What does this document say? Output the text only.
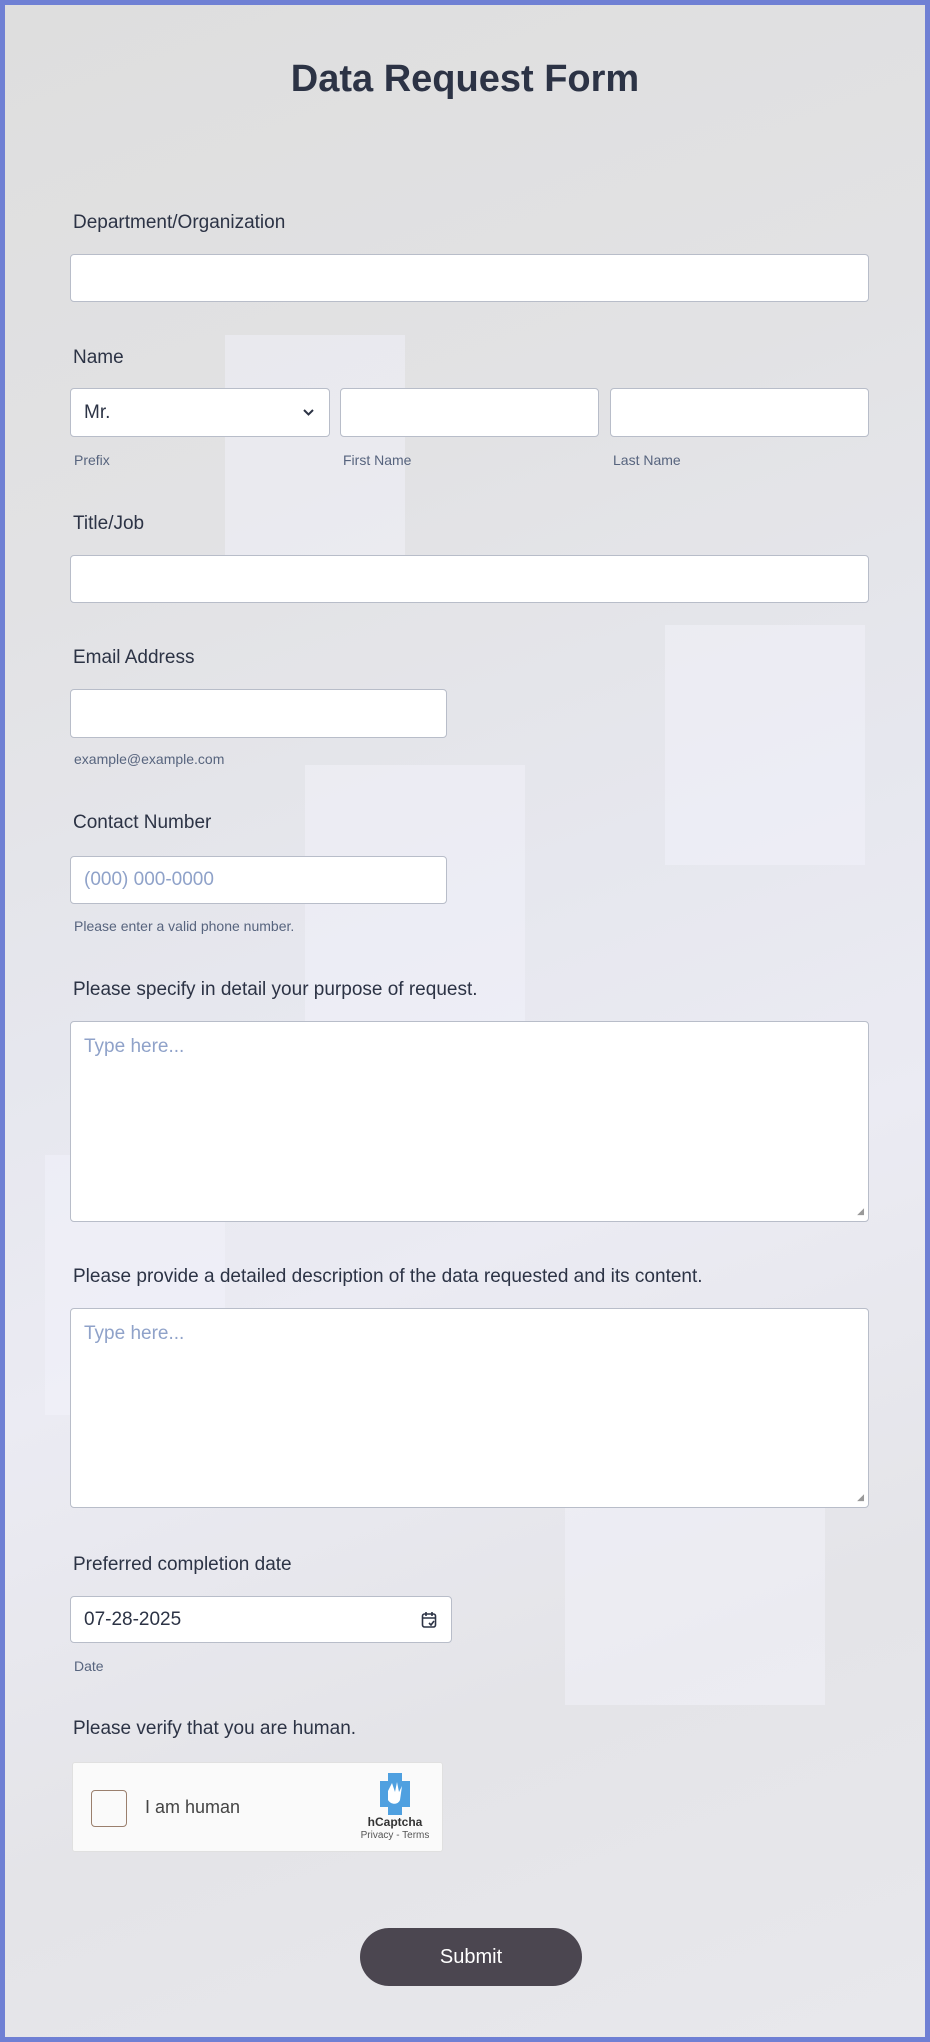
Data Request Form
Department/Organization
Name
Mr.
Prefix	First Name	Last Name
Title/Job
Email Address
example@example.com
Contact Number
(000) 000-0000
Please enter a valid phone number.
Please specify in detail your purpose of request.
Type here...
◢
Please provide a detailed description of the data requested and its content.
Type here...
◢
Preferred completion date
07-28-2025
Date
Please verify that you are human.
I am human
hCaptcha
Privacy - Terms
Submit
